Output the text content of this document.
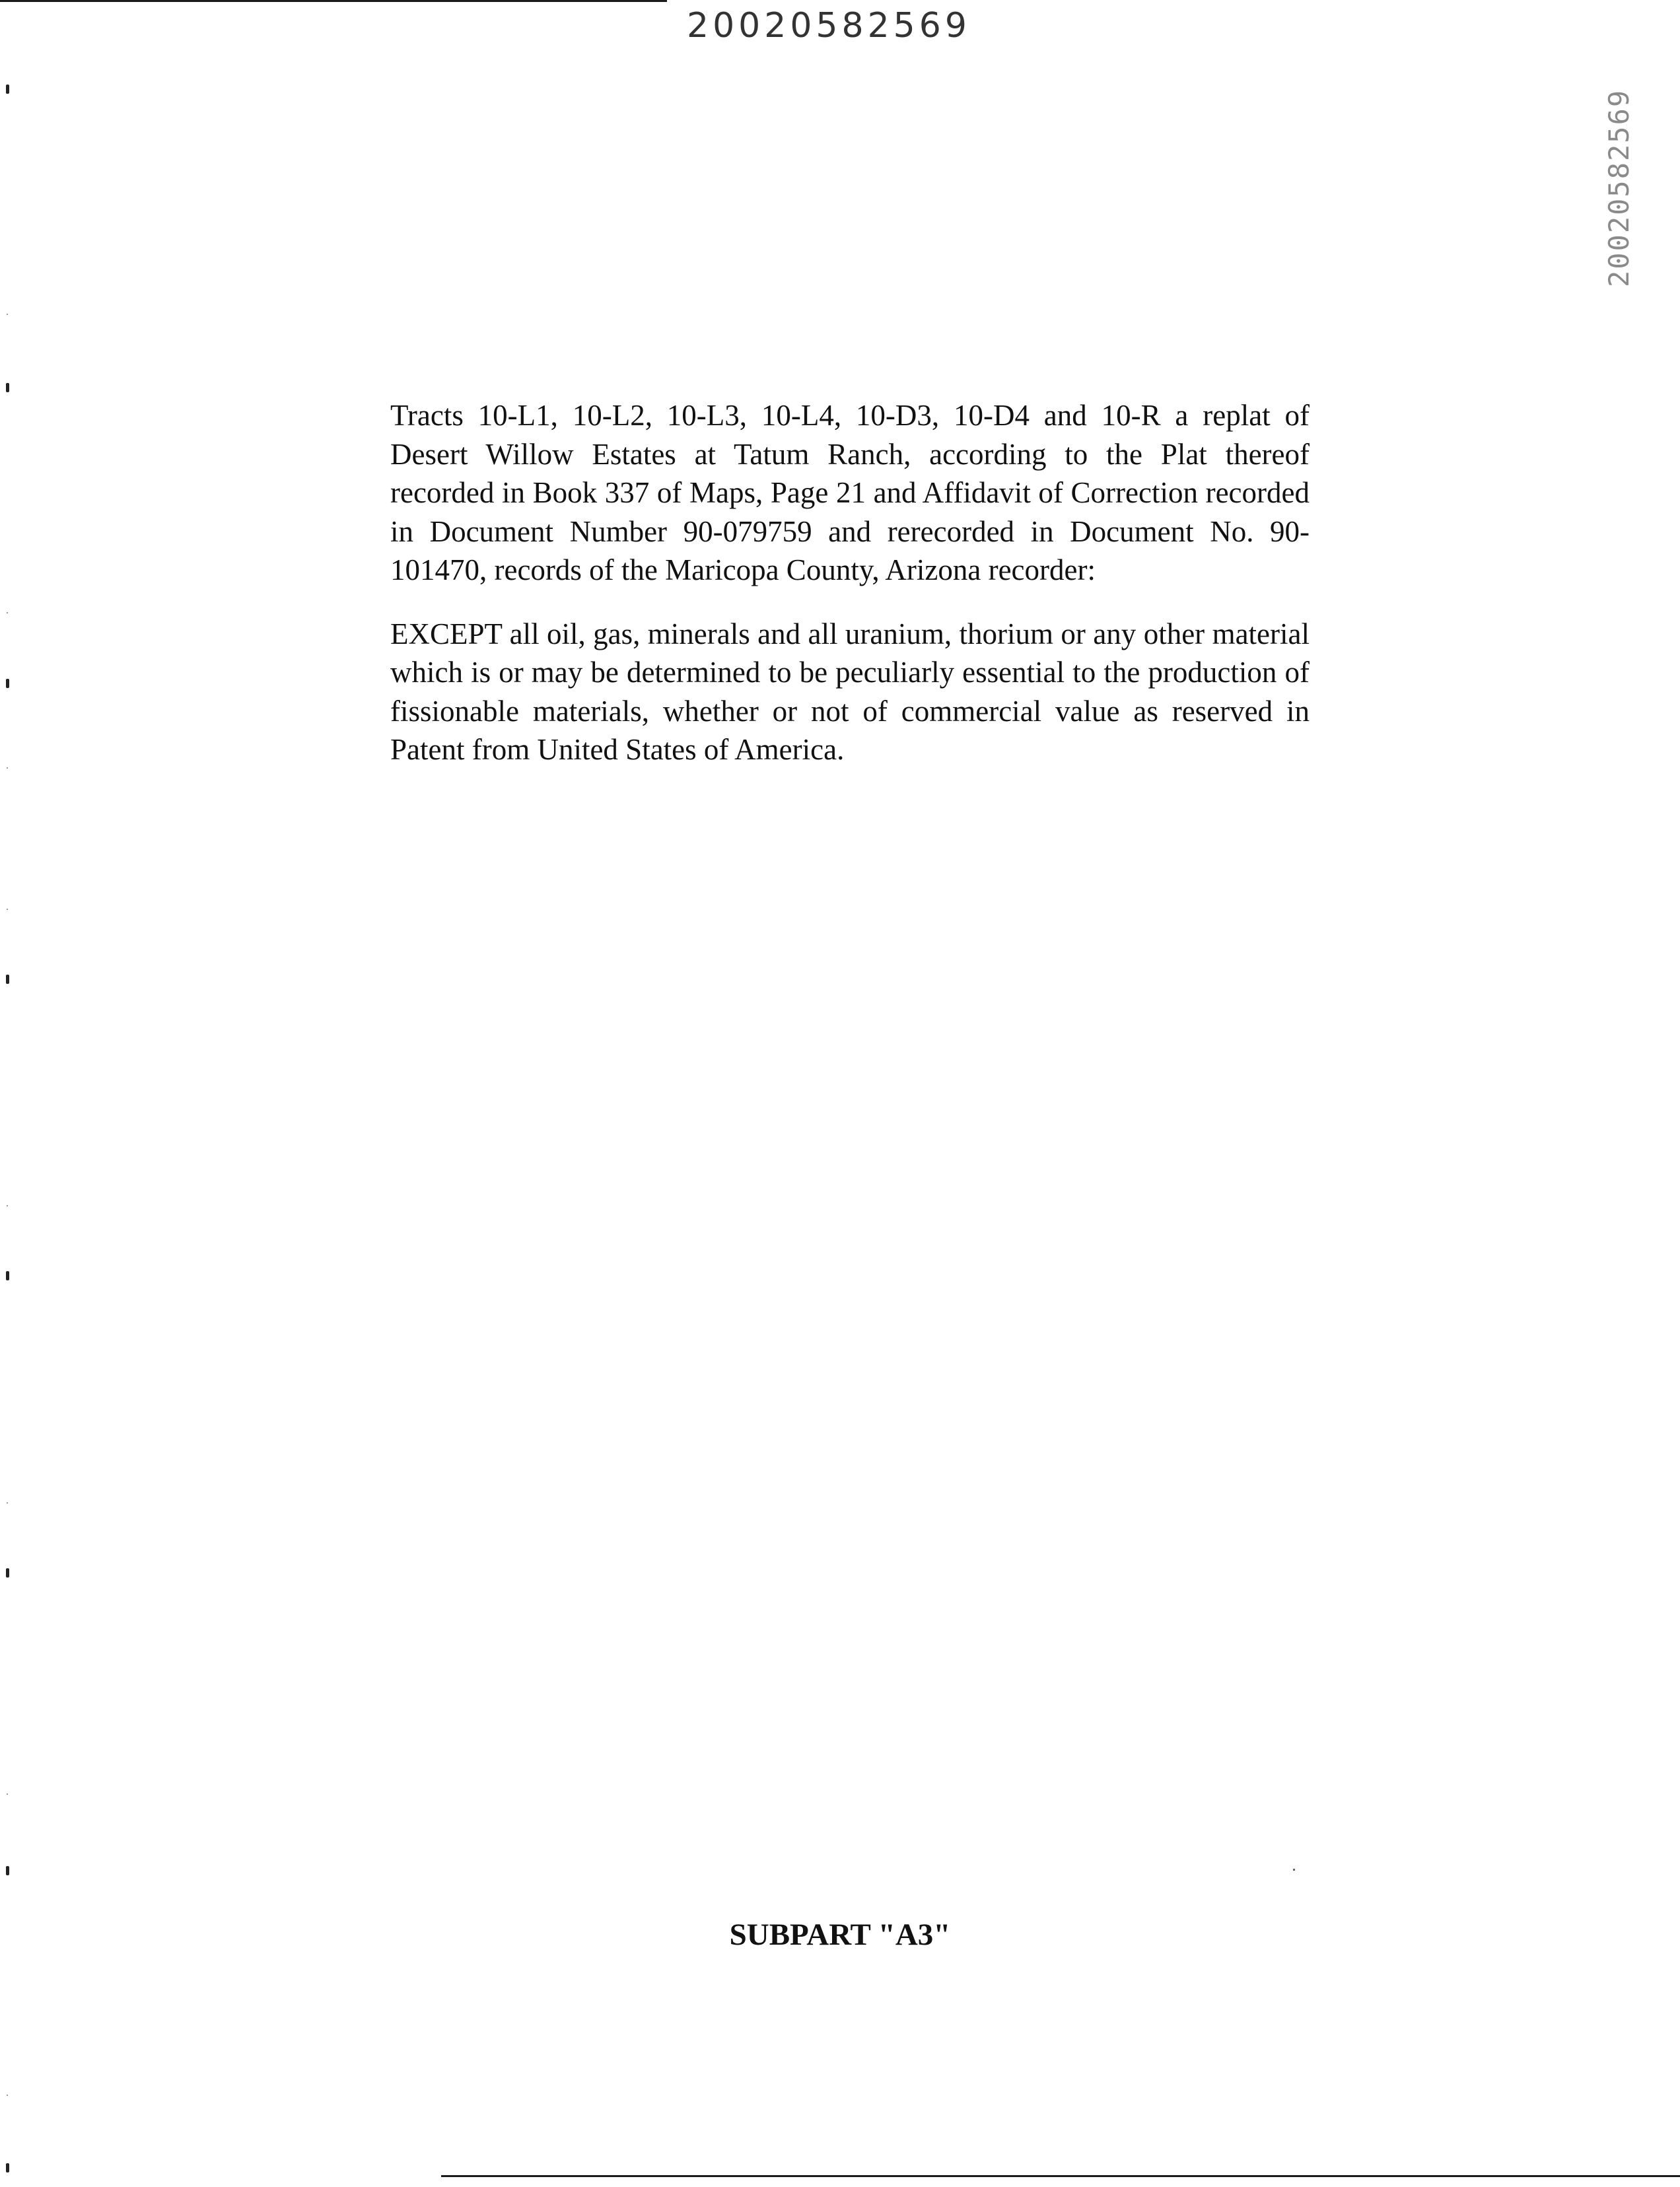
20020582569
20020582569

Tracts 10-L1, 10-L2, 10-L3, 10-L4, 10-D3, 10-D4 and 10-R a replat of Desert Willow Estates at Tatum Ranch, according to the Plat thereof recorded in Book 337 of Maps, Page 21 and Affidavit of Correction recorded in Document Number 90-079759 and rerecorded in Document No. 90-101470, records of the Maricopa County, Arizona recorder:

EXCEPT all oil, gas, minerals and all uranium, thorium or any other material which is or may be determined to be peculiarly essential to the production of fissionable materials, whether or not of commercial value as reserved in Patent from United States of America.

SUBPART "A3"
